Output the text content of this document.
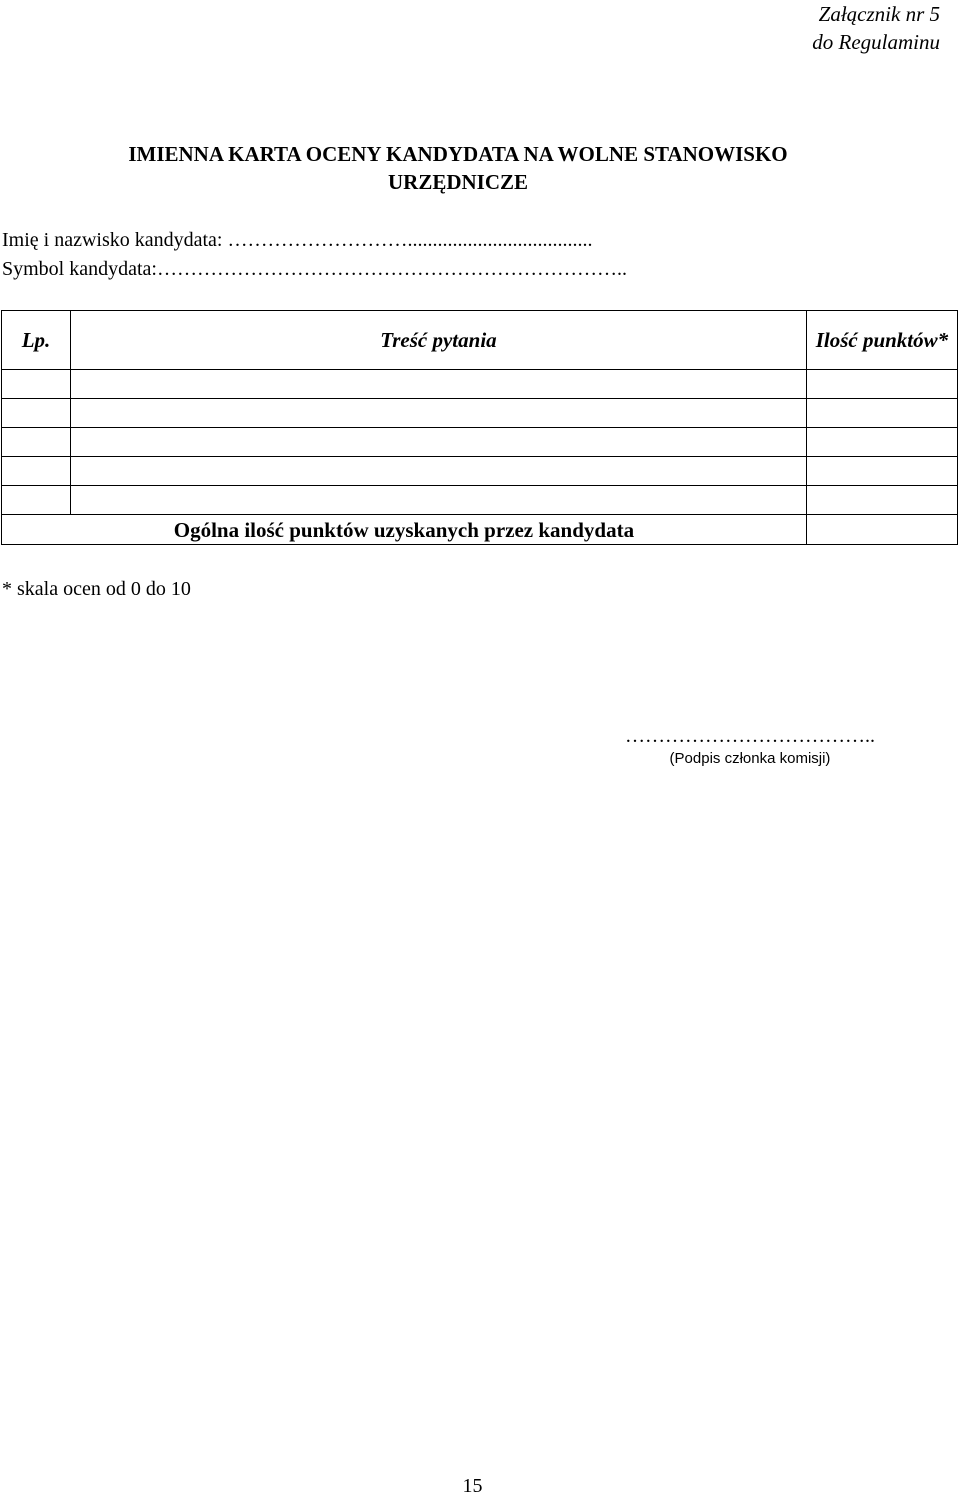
Załącznik nr 5
do Regulaminu
IMIENNA KARTA OCENY KANDYDATA NA WOLNE STANOWISKO
URZĘDNICZE
Imię i nazwisko kandydata: ……………………….....................................
Symbol kandydata:……………………………………………………………..
Lp.	Treść pytania	Ilość punktów*

Ogólna ilość punktów uzyskanych przez kandydata		
* skala ocen od 0 do 10
………………………………..
(Podpis członka komisji)
15
